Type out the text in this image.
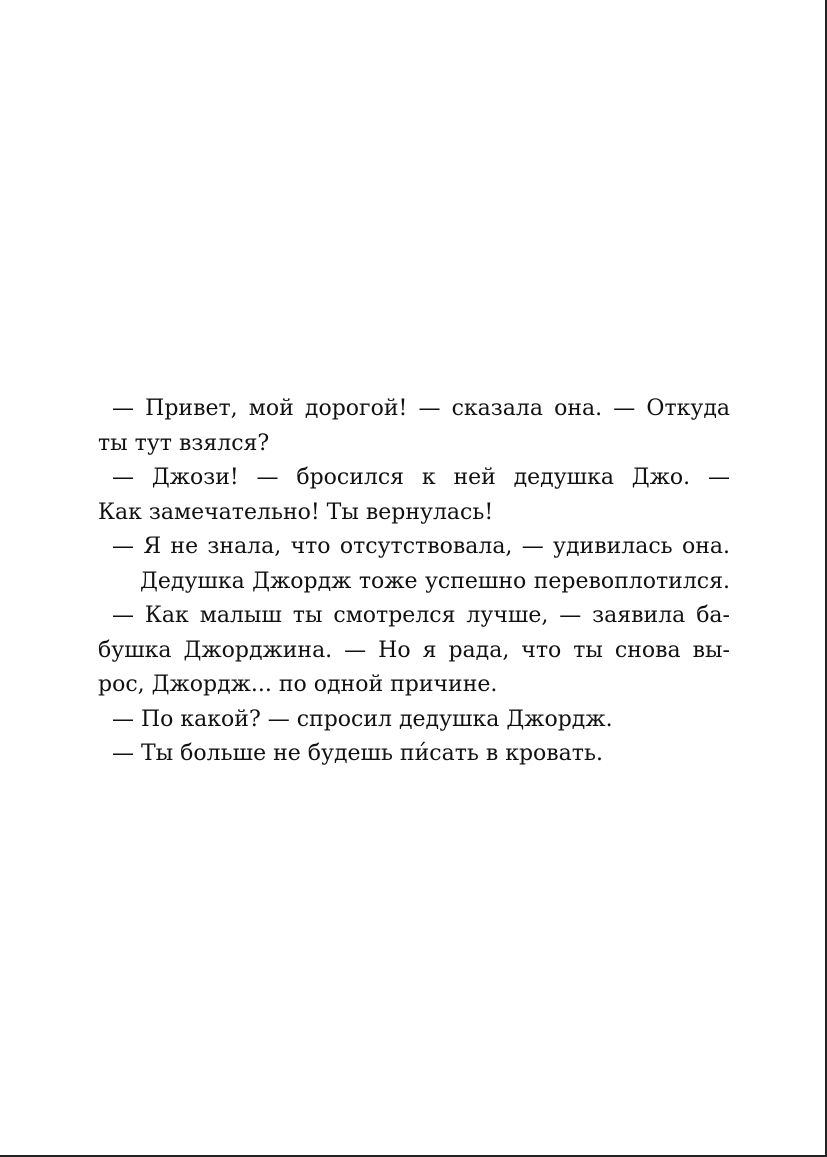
— Привет, мой дорогой! — сказала она. — Откуда
ты тут взялся?
— Джози! — бросился к ней дедушка Джо. —
Как замечательно! Ты вернулась!
— Я не знала, что отсутствовала, — удивилась она.
Дедушка Джордж тоже успешно перевоплотился.
— Как малыш ты смотрелся лучше, — заявила ба-
бушка Джорджина. — Но я рада, что ты снова вы-
рос, Джордж... по одной причине.
— По какой? — спросил дедушка Джордж.
— Ты больше не будешь пи́сать в кровать.
